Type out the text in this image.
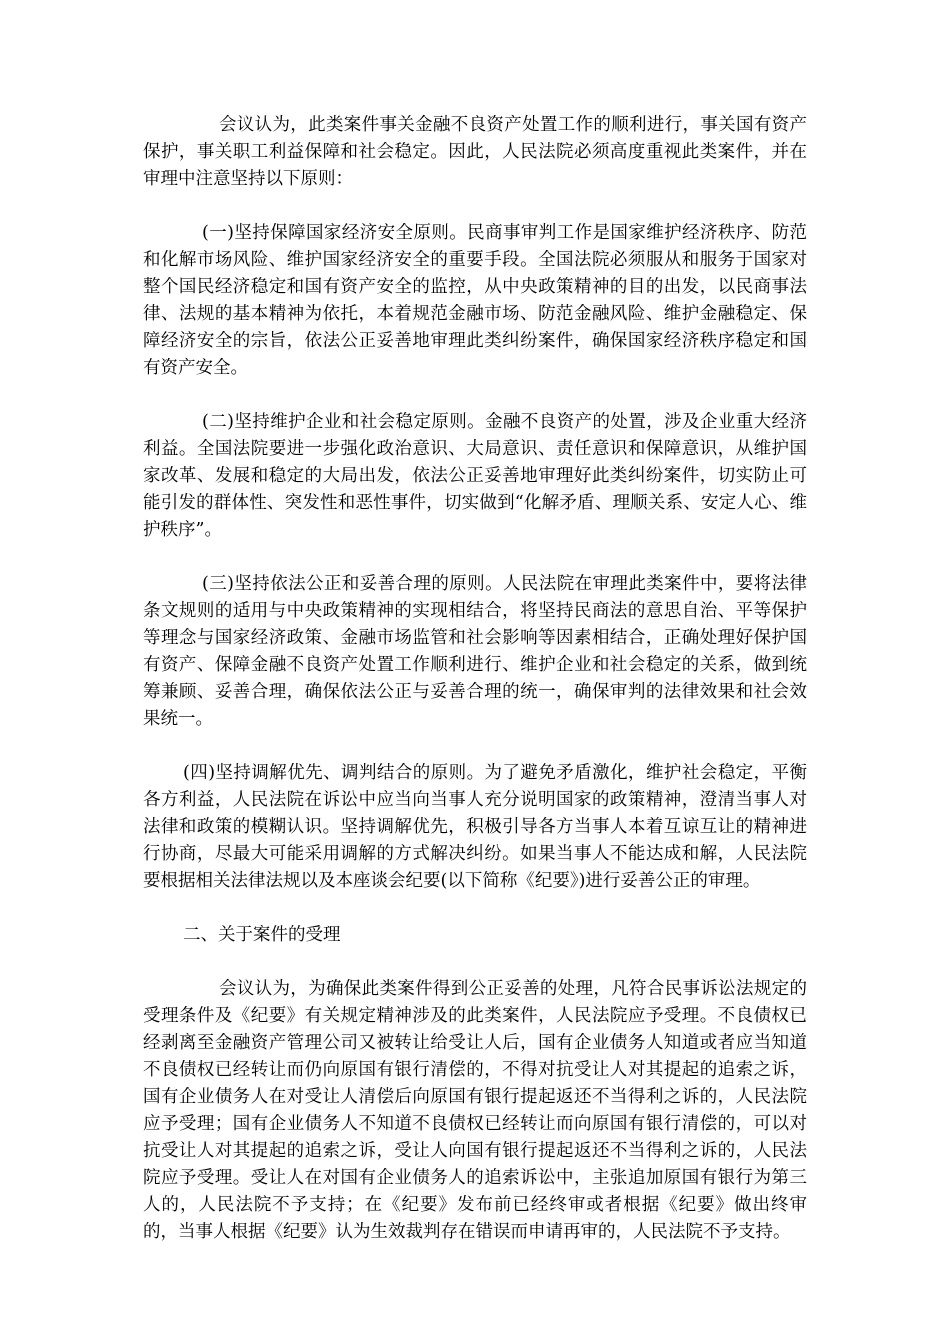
会议认为，此类案件事关金融不良资产处置工作的顺利进行，事关国有资产保护，事关职工利益保障和社会稳定。因此，人民法院必须高度重视此类案件，并在审理中注意坚持以下原则：

(一)坚持保障国家经济安全原则。民商事审判工作是国家维护经济秩序、防范和化解市场风险、维护国家经济安全的重要手段。全国法院必须服从和服务于国家对整个国民经济稳定和国有资产安全的监控，从中央政策精神的目的出发，以民商事法律、法规的基本精神为依托，本着规范金融市场、防范金融风险、维护金融稳定、保障经济安全的宗旨，依法公正妥善地审理此类纠纷案件，确保国家经济秩序稳定和国有资产安全。

(二)坚持维护企业和社会稳定原则。金融不良资产的处置，涉及企业重大经济利益。全国法院要进一步强化政治意识、大局意识、责任意识和保障意识，从维护国家改革、发展和稳定的大局出发，依法公正妥善地审理好此类纠纷案件，切实防止可能引发的群体性、突发性和恶性事件，切实做到“化解矛盾、理顺关系、安定人心、维护秩序”。

(三)坚持依法公正和妥善合理的原则。人民法院在审理此类案件中，要将法律条文规则的适用与中央政策精神的实现相结合，将坚持民商法的意思自治、平等保护等理念与国家经济政策、金融市场监管和社会影响等因素相结合，正确处理好保护国有资产、保障金融不良资产处置工作顺利进行、维护企业和社会稳定的关系，做到统筹兼顾、妥善合理，确保依法公正与妥善合理的统一，确保审判的法律效果和社会效果统一。

(四)坚持调解优先、调判结合的原则。为了避免矛盾激化，维护社会稳定，平衡各方利益，人民法院在诉讼中应当向当事人充分说明国家的政策精神，澄清当事人对法律和政策的模糊认识。坚持调解优先，积极引导各方当事人本着互谅互让的精神进行协商，尽最大可能采用调解的方式解决纠纷。如果当事人不能达成和解，人民法院要根据相关法律法规以及本座谈会纪要(以下简称《纪要》)进行妥善公正的审理。

二、关于案件的受理

会议认为，为确保此类案件得到公正妥善的处理，凡符合民事诉讼法规定的受理条件及《纪要》有关规定精神涉及的此类案件，人民法院应予受理。不良债权已经剥离至金融资产管理公司又被转让给受让人后，国有企业债务人知道或者应当知道不良债权已经转让而仍向原国有银行清偿的，不得对抗受让人对其提起的追索之诉，国有企业债务人在对受让人清偿后向原国有银行提起返还不当得利之诉的，人民法院应予受理；国有企业债务人不知道不良债权已经转让而向原国有银行清偿的，可以对抗受让人对其提起的追索之诉，受让人向国有银行提起返还不当得利之诉的，人民法院应予受理。受让人在对国有企业债务人的追索诉讼中，主张追加原国有银行为第三人的，人民法院不予支持；在《纪要》发布前已经终审或者根据《纪要》做出终审的，当事人根据《纪要》认为生效裁判存在错误而申请再审的，人民法院不予支持。
